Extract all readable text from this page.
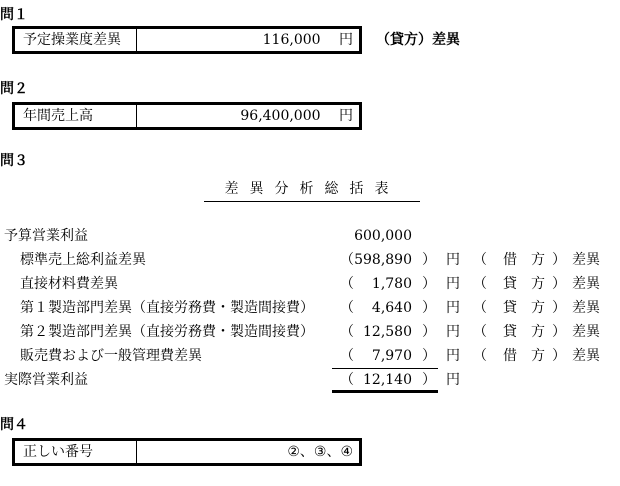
問１
予定操業度差異	116,000 円	（貸方）差異
問２
年間売上高	96,400,000 円
問３
差異分析総括表
予算営業利益	600,000
標準売上総利益差異	（ 598,890 ） 円 （ 借 方 ） 差異
直接材料費差異	（	1,780 ） 円 （ 貸 方 ） 差異
第１製造部門差異（直接労務費・製造間接費） （	4,640 ） 円 （ 貸 方 ） 差異
第２製造部門差異（直接労務費・製造間接費） （ 12,580 ） 円 （ 貸 方 ） 差異
販売費および一般管理費差異	（	7,970 ） 円 （ 借 方 ） 差異
実際営業利益	（ 12,140 ） 円
問４
正しい番号	②、③、④
